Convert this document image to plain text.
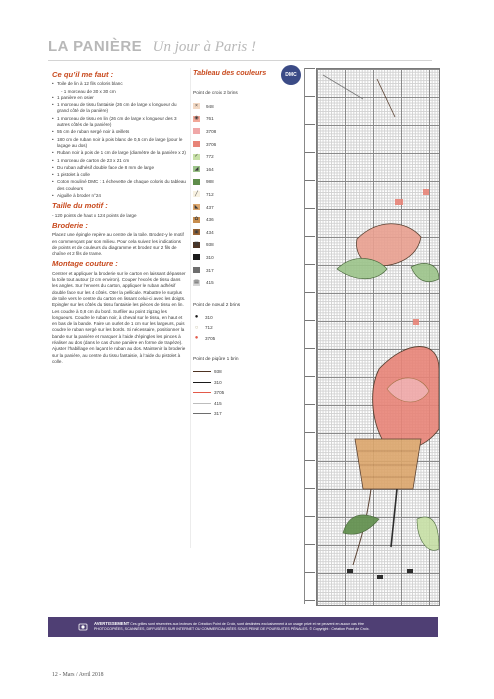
LA PANIÈRE Un jour à Paris !
Ce qu’il me faut :
• Toile de lin à 12 fils coloris blanc
- 1 morceau de 30 x 30 cm
• 1 panière en osier
• 1 morceau de tissu fantaisie (26 cm de large x longueur du grand côté de la panière)
• 1 morceau de tissu en lin (26 cm de large x longueur des 3 autres côtés de la panière)
• 55 cm de ruban sergé noir à œillets
• 180 cm de ruban noir à pois blanc de 0,5 cm de large (pour le laçage au dos)
• Ruban noir à pois de 1 cm de large (diamètre de la panière x 2)
• 1 morceau de carton de 23 x 21 cm
• Du ruban adhésif double face de 8 mm de large
• 1 pistolet à colle
• Coton mouliné DMC : 1 échevette de chaque coloris du tableau des couleurs
• Aiguille à broder n°24
Taille du motif :

- 120 points de haut x 124 points de large

Broderie :

Placez une épingle repère au centre de la toile. Brodez-y le motif en commençant par son milieu. Pour cela suivez les indications de points et de couleurs du diagramme et brodez sur 2 fils de chaîne et 2 fils de trame.

Montage couture :

Centrer et appliquer la broderie sur le carton en laissant dépasser la toile tout autour (2 cm environ). Couper l’excès de tissu dans les angles. Sur l’envers du carton, appliquer le ruban adhésif double face sur les 4 côtés. Oter la pellicule. Rabattre le surplus de toile vers le centre du carton en lissant celui-ci avec les doigts. Epingler sur les côtés du tissu fantaisie les pièces de tissu en lin. Les coudre à 0,8 cm du bord. Surfiler au point zigzag les longueurs. Coudre le ruban noir, à cheval sur le tissu, en haut et en bas de la bande. Faire un ourlet de 1 cm sur les largeurs, puis coudre le ruban sergé sur les bords. Si nécessaire, positionner la bande sur la panière et marquer à l’aide d’épingles les pinces à réaliser au dos (dans le cas d’une panière en forme de trapèze). Ajuster l’habillage en laçant le ruban au dos. Maintenir la broderie sur la panière, au centre du tissu fantaisie, à l’aide du pistolet à colle.

Tableau des couleurs	DMC
Point de croix 2 brins
×	948
◉ 761
3708
3706
✓	772
◢	164
988
╱	712
◣	437
✿	436
▣ 434
▦ 938
310
317
▤ 415
Point de nœud 2 brins
●	310
○	712
●	3705
Point de piqûre 1 brin
938
310
3705
415
317
AVERTISSEMENT Ces grilles sont réservées aux lecteurs de Création Point de Croix, sont destinées exclusivement à un usage privé et ne peuvent en aucun cas être
PHOTOCOPIÉES, SCANNÉES, DIFFUSÉES SUR INTERNET OU COMMERCIALISÉES SOUS PEINE DE POURSUITES PÉNALES. © Copyright : Création Point de Croix.
12 - Mars / Avril 2018
